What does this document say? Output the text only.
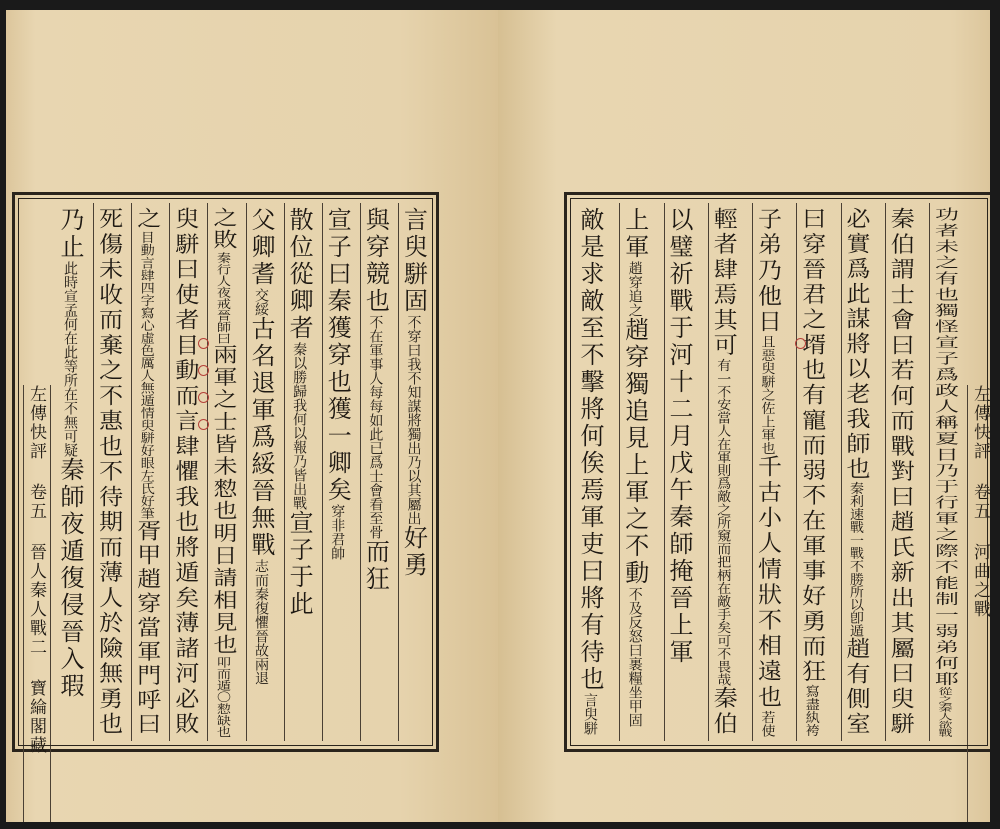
左傳快評 卷五 晉人秦人戰二 寶綸閣藏
言臾駢固不穿曰我不知謀將獨出乃以其屬出好勇
與穿競也不在軍事人每每如此已爲士會看至骨而狂
宣子曰秦獲穿也獲一卿矣穿非君帥
散位從卿者秦以勝歸我何以報乃皆出戰宣子于此
父卿耆交綏古名退軍爲綏晉無戰志而秦復懼晉故兩退
之敗秦行人夜戒晉師曰兩軍之士皆未愸也明日請相見也叩而遁〇愸缺也
臾駢曰使者目動而言肆懼我也將遁矣薄諸河必敗
之目動言肆四字寫心虛色厲人無遁情臾駢好眼左氏好筆胥甲趙穿當軍門呼曰
死傷未收而棄之不惠也不待期而薄人於險無勇也
乃止此時宣孟何在此等所在不無可疑秦師夜遁復侵晉入瑕	左傳快評 卷五 河曲之戰
功者未之有也獨怪宣子爲政人稱夏日乃于行軍之際不能制一弱弟何耶從之秦人欲戰
秦伯謂士會曰若何而戰對曰趙氏新出其屬曰臾駢
必實爲此謀將以老我師也秦利速戰一戰不勝所以卽遁趙有側室
曰穿晉君之壻也有寵而弱不在軍事好勇而狂寫盡紈袴
子弟乃他日且惡臾駢之佐上軍也千古小人情狀不相遠也若使
輕者肆焉其可有一不安當人在軍則爲敵之所窺而把柄在敵手矣可不畏哉秦伯
以璧祈戰于河十二月戊午秦師掩晉上軍
上軍趙穿追之趙穿獨追見上軍之不動不及反怒曰裹糧坐甲固
敵是求敵至不擊將何俟焉軍吏曰將有待也言臾駢
